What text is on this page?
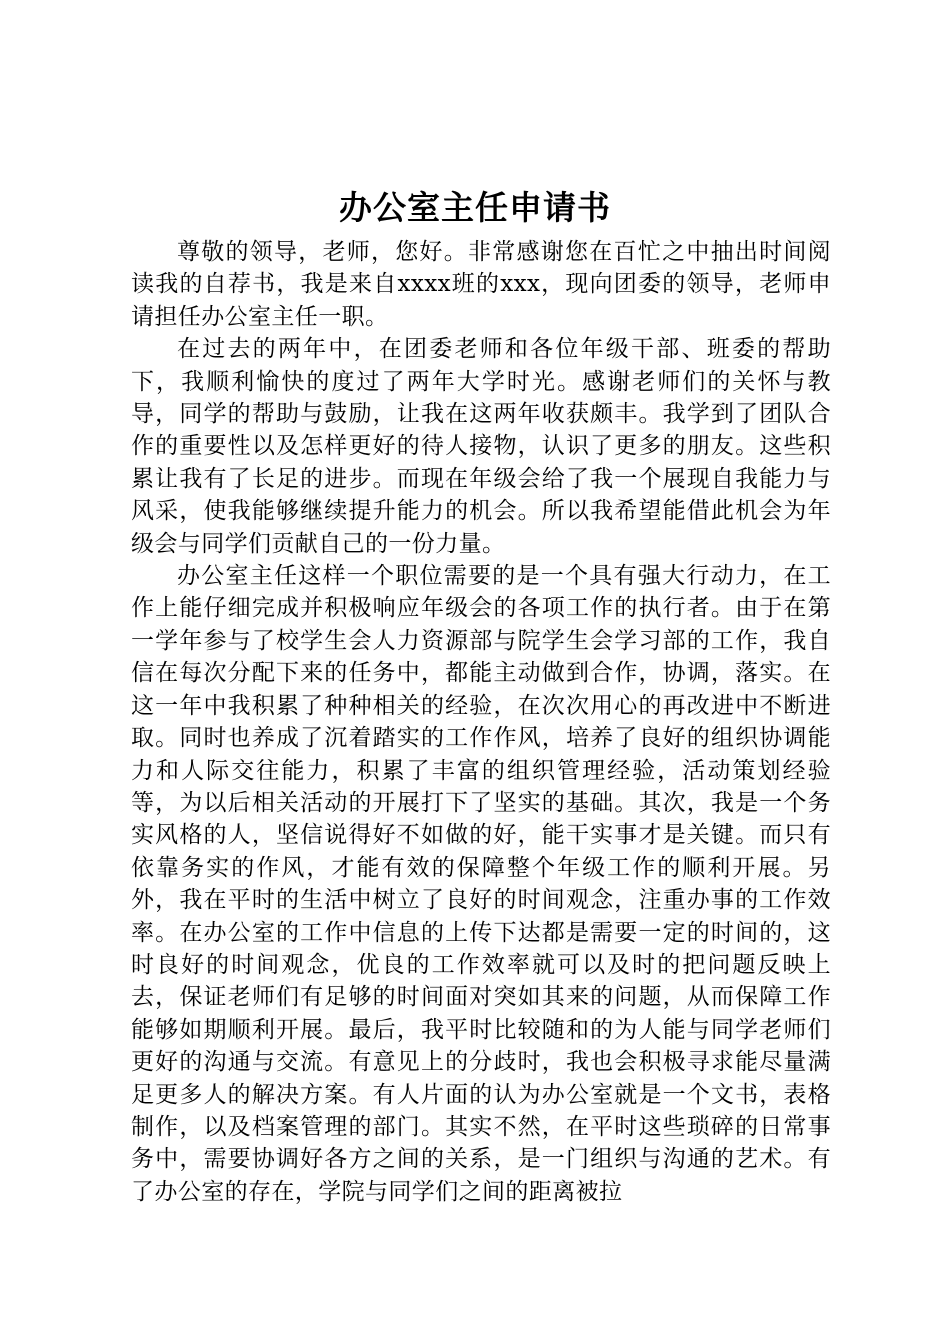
办公室主任申请书

尊敬的领导，老师，您好。非常感谢您在百忙之中抽出时间阅读我的自荐书，我是来自xxxx班的xxx，现向团委的领导，老师申请担任办公室主任一职。

在过去的两年中，在团委老师和各位年级干部、班委的帮助下，我顺利愉快的度过了两年大学时光。感谢老师们的关怀与教导，同学的帮助与鼓励，让我在这两年收获颇丰。我学到了团队合作的重要性以及怎样更好的待人接物，认识了更多的朋友。这些积累让我有了长足的进步。而现在年级会给了我一个展现自我能力与风采，使我能够继续提升能力的机会。所以我希望能借此机会为年级会与同学们贡献自己的一份力量。

办公室主任这样一个职位需要的是一个具有强大行动力，在工作上能仔细完成并积极响应年级会的各项工作的执行者。由于在第一学年参与了校学生会人力资源部与院学生会学习部的工作，我自信在每次分配下来的任务中，都能主动做到合作，协调，落实。在这一年中我积累了种种相关的经验，在次次用心的再改进中不断进取。同时也养成了沉着踏实的工作作风，培养了良好的组织协调能力和人际交往能力，积累了丰富的组织管理经验，活动策划经验等，为以后相关活动的开展打下了坚实的基础。其次，我是一个务实风格的人，坚信说得好不如做的好，能干实事才是关键。而只有依靠务实的作风，才能有效的保障整个年级工作的顺利开展。另外，我在平时的生活中树立了良好的时间观念，注重办事的工作效率。在办公室的工作中信息的上传下达都是需要一定的时间的，这时良好的时间观念，优良的工作效率就可以及时的把问题反映上去，保证老师们有足够的时间面对突如其来的问题，从而保障工作能够如期顺利开展。最后，我平时比较随和的为人能与同学老师们更好的沟通与交流。有意见上的分歧时，我也会积极寻求能尽量满足更多人的解决方案。有人片面的认为办公室就是一个文书，表格制作，以及档案管理的部门。其实不然，在平时这些琐碎的日常事务中，需要协调好各方之间的关系，是一门组织与沟通的艺术。有了办公室的存在，学院与同学们之间的距离被拉
